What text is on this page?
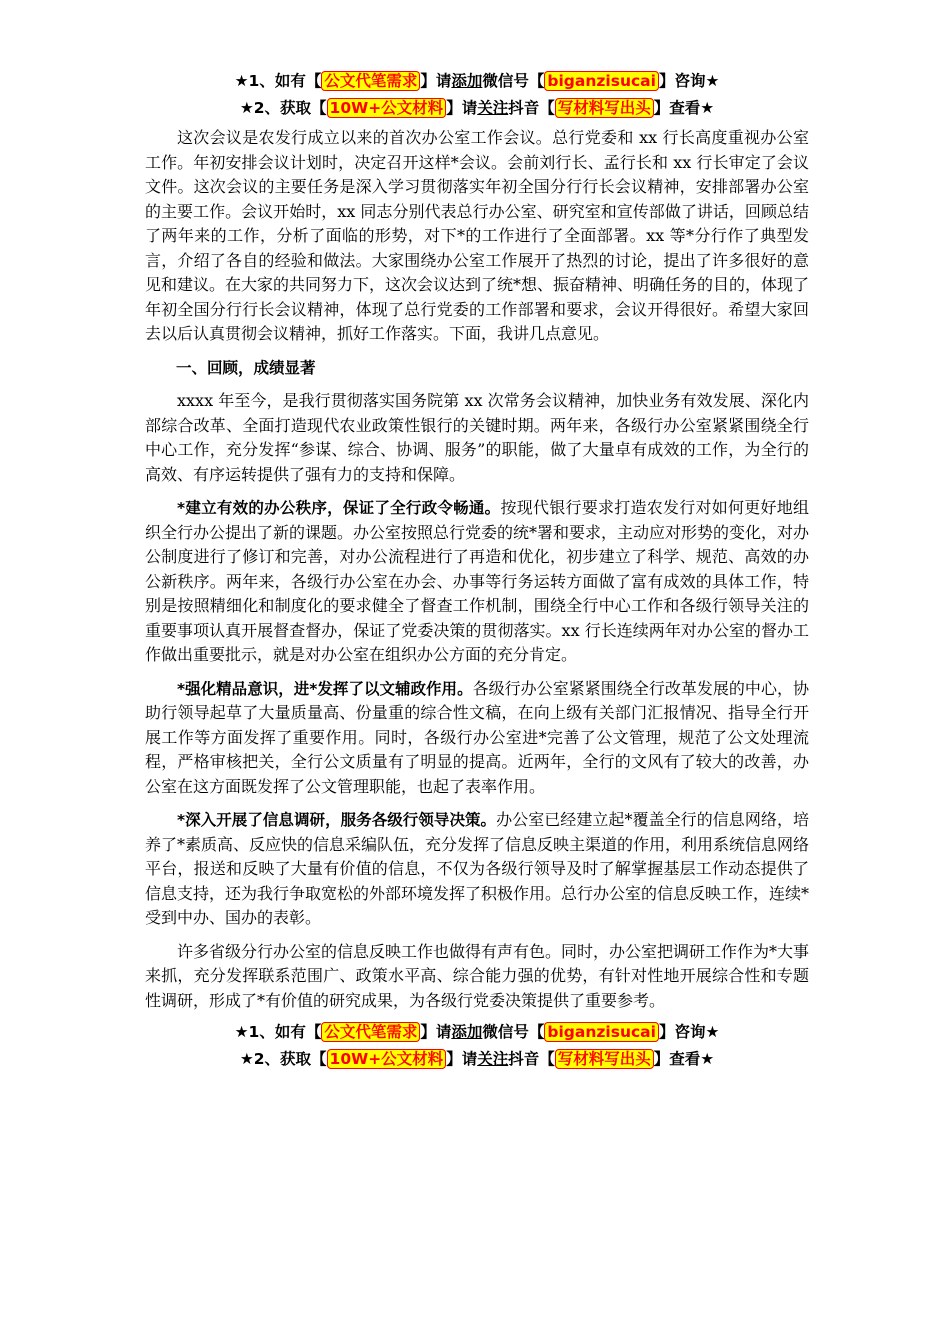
★1、如有【 公文代笔需求 】请添加微信号【 biganzisucai 】咨询★
★2、获取【 10W+公文材料 】请关注抖音【 写材料写出头 】查看★

这次会议是农发行成立以来的首次办公室工作会议。总行党委和 xx 行长高度重视办公室工作。年初安排会议计划时，决定召开这样*会议。会前刘行长、孟行长和 xx 行长审定了会议文件。这次会议的主要任务是深入学习贯彻落实年初全国分行行长会议精神，安排部署办公室的主要工作。会议开始时，xx 同志分别代表总行办公室、研究室和宣传部做了讲话，回顾总结了两年来的工作，分析了面临的形势，对下*的工作进行了全面部署。xx 等*分行作了典型发言，介绍了各自的经验和做法。大家围绕办公室工作展开了热烈的讨论，提出了许多很好的意见和建议。在大家的共同努力下，这次会议达到了统*想、振奋精神、明确任务的目的，体现了年初全国分行行长会议精神，体现了总行党委的工作部署和要求，会议开得很好。希望大家回去以后认真贯彻会议精神，抓好工作落实。下面，我讲几点意见。

一、回顾，成绩显著

xxxx 年至今，是我行贯彻落实国务院第 xx 次常务会议精神，加快业务有效发展、深化内部综合改革、全面打造现代农业政策性银行的关键时期。两年来，各级行办公室紧紧围绕全行中心工作，充分发挥“参谋、综合、协调、服务”的职能，做了大量卓有成效的工作，为全行的高效、有序运转提供了强有力的支持和保障。

*建立有效的办公秩序，保证了全行政令畅通。按现代银行要求打造农发行对如何更好地组织全行办公提出了新的课题。办公室按照总行党委的统*署和要求，主动应对形势的变化，对办公制度进行了修订和完善，对办公流程进行了再造和优化，初步建立了科学、规范、高效的办公新秩序。两年来，各级行办公室在办会、办事等行务运转方面做了富有成效的具体工作，特别是按照精细化和制度化的要求健全了督查工作机制，围绕全行中心工作和各级行领导关注的重要事项认真开展督查督办，保证了党委决策的贯彻落实。xx 行长连续两年对办公室的督办工作做出重要批示，就是对办公室在组织办公方面的充分肯定。

*强化精品意识，进*发挥了以文辅政作用。各级行办公室紧紧围绕全行改革发展的中心，协助行领导起草了大量质量高、份量重的综合性文稿，在向上级有关部门汇报情况、指导全行开展工作等方面发挥了重要作用。同时，各级行办公室进*完善了公文管理，规范了公文处理流程，严格审核把关，全行公文质量有了明显的提高。近两年，全行的文风有了较大的改善，办公室在这方面既发挥了公文管理职能，也起了表率作用。

*深入开展了信息调研，服务各级行领导决策。办公室已经建立起*覆盖全行的信息网络，培养了*素质高、反应快的信息采编队伍，充分发挥了信息反映主渠道的作用，利用系统信息网络平台，报送和反映了大量有价值的信息，不仅为各级行领导及时了解掌握基层工作动态提供了信息支持，还为我行争取宽松的外部环境发挥了积极作用。总行办公室的信息反映工作，连续*受到中办、国办的表彰。

许多省级分行办公室的信息反映工作也做得有声有色。同时，办公室把调研工作作为*大事来抓，充分发挥联系范围广、政策水平高、综合能力强的优势，有针对性地开展综合性和专题性调研，形成了*有价值的研究成果，为各级行党委决策提供了重要参考。

★1、如有【 公文代笔需求 】请添加微信号【 biganzisucai 】咨询★
★2、获取【 10W+公文材料 】请关注抖音【 写材料写出头 】查看★
